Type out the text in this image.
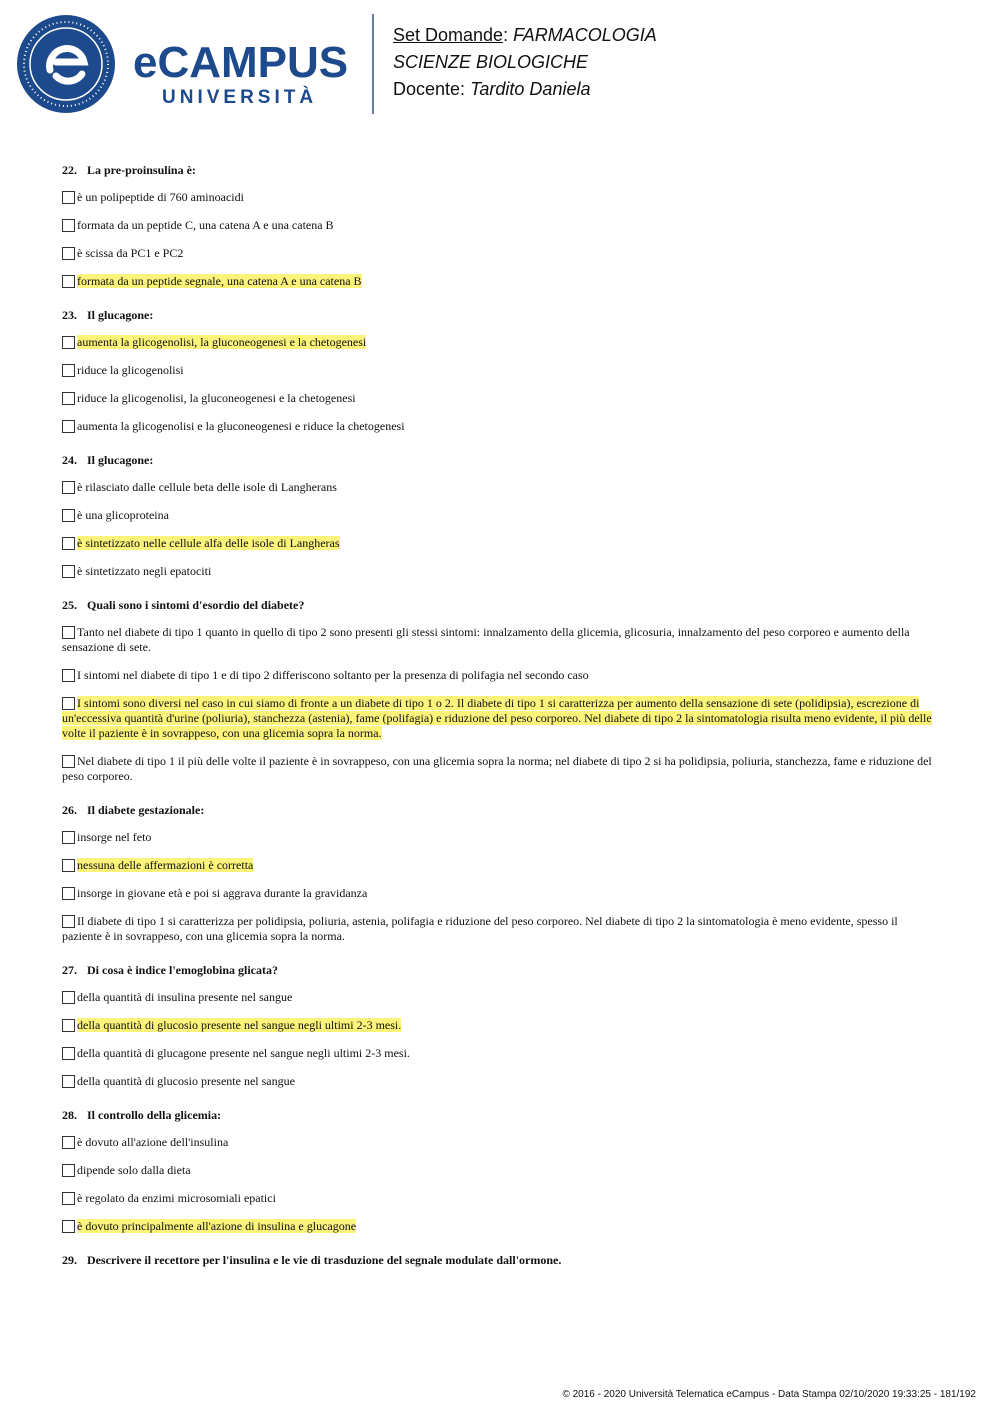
eCAMPUS
UNIVERSITÀ
Set Domande: FARMACOLOGIA
SCIENZE BIOLOGICHE
Docente: Tardito Daniela
22. La pre-proinsulina è:
è un polipeptide di 760 aminoacidi
formata da un peptide C, una catena A e una catena B
è scissa da PC1 e PC2
formata da un peptide segnale, una catena A e una catena B
23. Il glucagone:
aumenta la glicogenolisi, la gluconeogenesi e la chetogenesi
riduce la glicogenolisi
riduce la glicogenolisi, la gluconeogenesi e la chetogenesi
aumenta la glicogenolisi e la gluconeogenesi e riduce la chetogenesi
24. Il glucagone:
è rilasciato dalle cellule beta delle isole di Langherans
è una glicoproteina
è sintetizzato nelle cellule alfa delle isole di Langheras
è sintetizzato negli epatociti
25. Quali sono i sintomi d'esordio del diabete?
Tanto nel diabete di tipo 1 quanto in quello di tipo 2 sono presenti gli stessi sintomi: innalzamento della glicemia, glicosuria, innalzamento del peso corporeo e aumento della sensazione di sete.
I sintomi nel diabete di tipo 1 e di tipo 2 differiscono soltanto per la presenza di polifagia nel secondo caso
I sintomi sono diversi nel caso in cui siamo di fronte a un diabete di tipo 1 o 2. Il diabete di tipo 1 si caratterizza per aumento della sensazione di sete (polidipsia), escrezione di un'eccessiva quantità d'urine (poliuria), stanchezza (astenia), fame (polifagia) e riduzione del peso corporeo. Nel diabete di tipo 2 la sintomatologia risulta meno evidente, il più delle volte il paziente è in sovrappeso, con una glicemia sopra la norma.
Nel diabete di tipo 1 il più delle volte il paziente è in sovrappeso, con una glicemia sopra la norma; nel diabete di tipo 2 si ha polidipsia, poliuria, stanchezza, fame e riduzione del peso corporeo.
26. Il diabete gestazionale:
insorge nel feto
nessuna delle affermazioni è corretta
insorge in giovane età e poi si aggrava durante la gravidanza
Il diabete di tipo 1 si caratterizza per polidipsia, poliuria, astenia, polifagia e riduzione del peso corporeo. Nel diabete di tipo 2 la sintomatologia è meno evidente, spesso il paziente è in sovrappeso, con una glicemia sopra la norma.
27. Di cosa è indice l'emoglobina glicata?
della quantità di insulina presente nel sangue
della quantità di glucosio presente nel sangue negli ultimi 2-3 mesi.
della quantità di glucagone presente nel sangue negli ultimi 2-3 mesi.
della quantità di glucosio presente nel sangue
28. Il controllo della glicemia:
è dovuto all'azione dell'insulina
dipende solo dalla dieta
è regolato da enzimi microsomiali epatici
è dovuto principalmente all'azione di insulina e glucagone
29. Descrivere il recettore per l'insulina e le vie di trasduzione del segnale modulate dall'ormone.
© 2016 - 2020 Università Telematica eCampus - Data Stampa 02/10/2020 19:33:25 - 181/192
